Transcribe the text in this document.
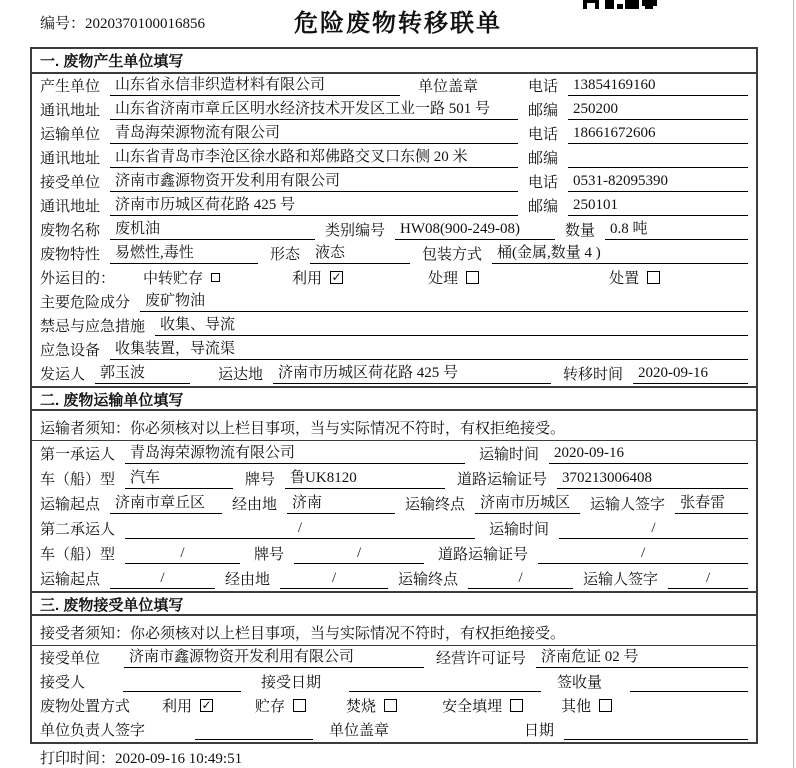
编号：2020370100016856	危险废物转移联单
一. 废物产生单位填写
产生单位	山东省永信非织造材料有限公司	单位盖章	电话	13854169160
通讯地址	山东省济南市章丘区明水经济技术开发区工业一路 501 号	邮编	250200
运输单位	青岛海荣源物流有限公司	电话	18661672606
通讯地址	山东省青岛市李沧区徐水路和郑佛路交叉口东侧 20 米	邮编
接受单位	济南市鑫源物资开发利用有限公司	电话	0531-82095390
通讯地址	济南市历城区荷花路 425 号	邮编	250101
废物名称	废机油	类别编号	HW08(900-249-08)	数量	0.8 吨
废物特性	易燃性,毒性	形态	液态	包装方式	桶(金属,数量 4 )
外运目的： 中转贮存	利用 ✓	处理	处置
主要危险成分	废矿物油
禁忌与应急措施	收集、导流
应急设备	收集装置，导流渠
发运人	郭玉波	运达地	济南市历城区荷花路 425 号	转移时间	2020-09-16
二. 废物运输单位填写
运输者须知：你必须核对以上栏目事项，当与实际情况不符时，有权拒绝接受。
第一承运人	青岛海荣源物流有限公司	运输时间	2020-09-16
车（船）型	汽车	牌号	鲁UK8120	道路运输证号	370213006408
运输起点	济南市章丘区	经由地	济南	运输终点	济南市历城区	运输人签字	张春雷
第二承运人	/	运输时间	/
车（船）型	/	牌号	/	道路运输证号	/
运输起点	/	经由地	/	运输终点	/	运输人签字	/
三. 废物接受单位填写
接受者须知：你必须核对以上栏目事项，当与实际情况不符时，有权拒绝接受。
接受单位	济南市鑫源物资开发利用有限公司	经营许可证号	济南危证 02 号
接受人	接受日期	签收量
废物处置方式 利用 ✓	贮存	焚烧	安全填埋	其他
单位负责人签字	单位盖章	日期
打印时间：2020-09-16 10:49:51
